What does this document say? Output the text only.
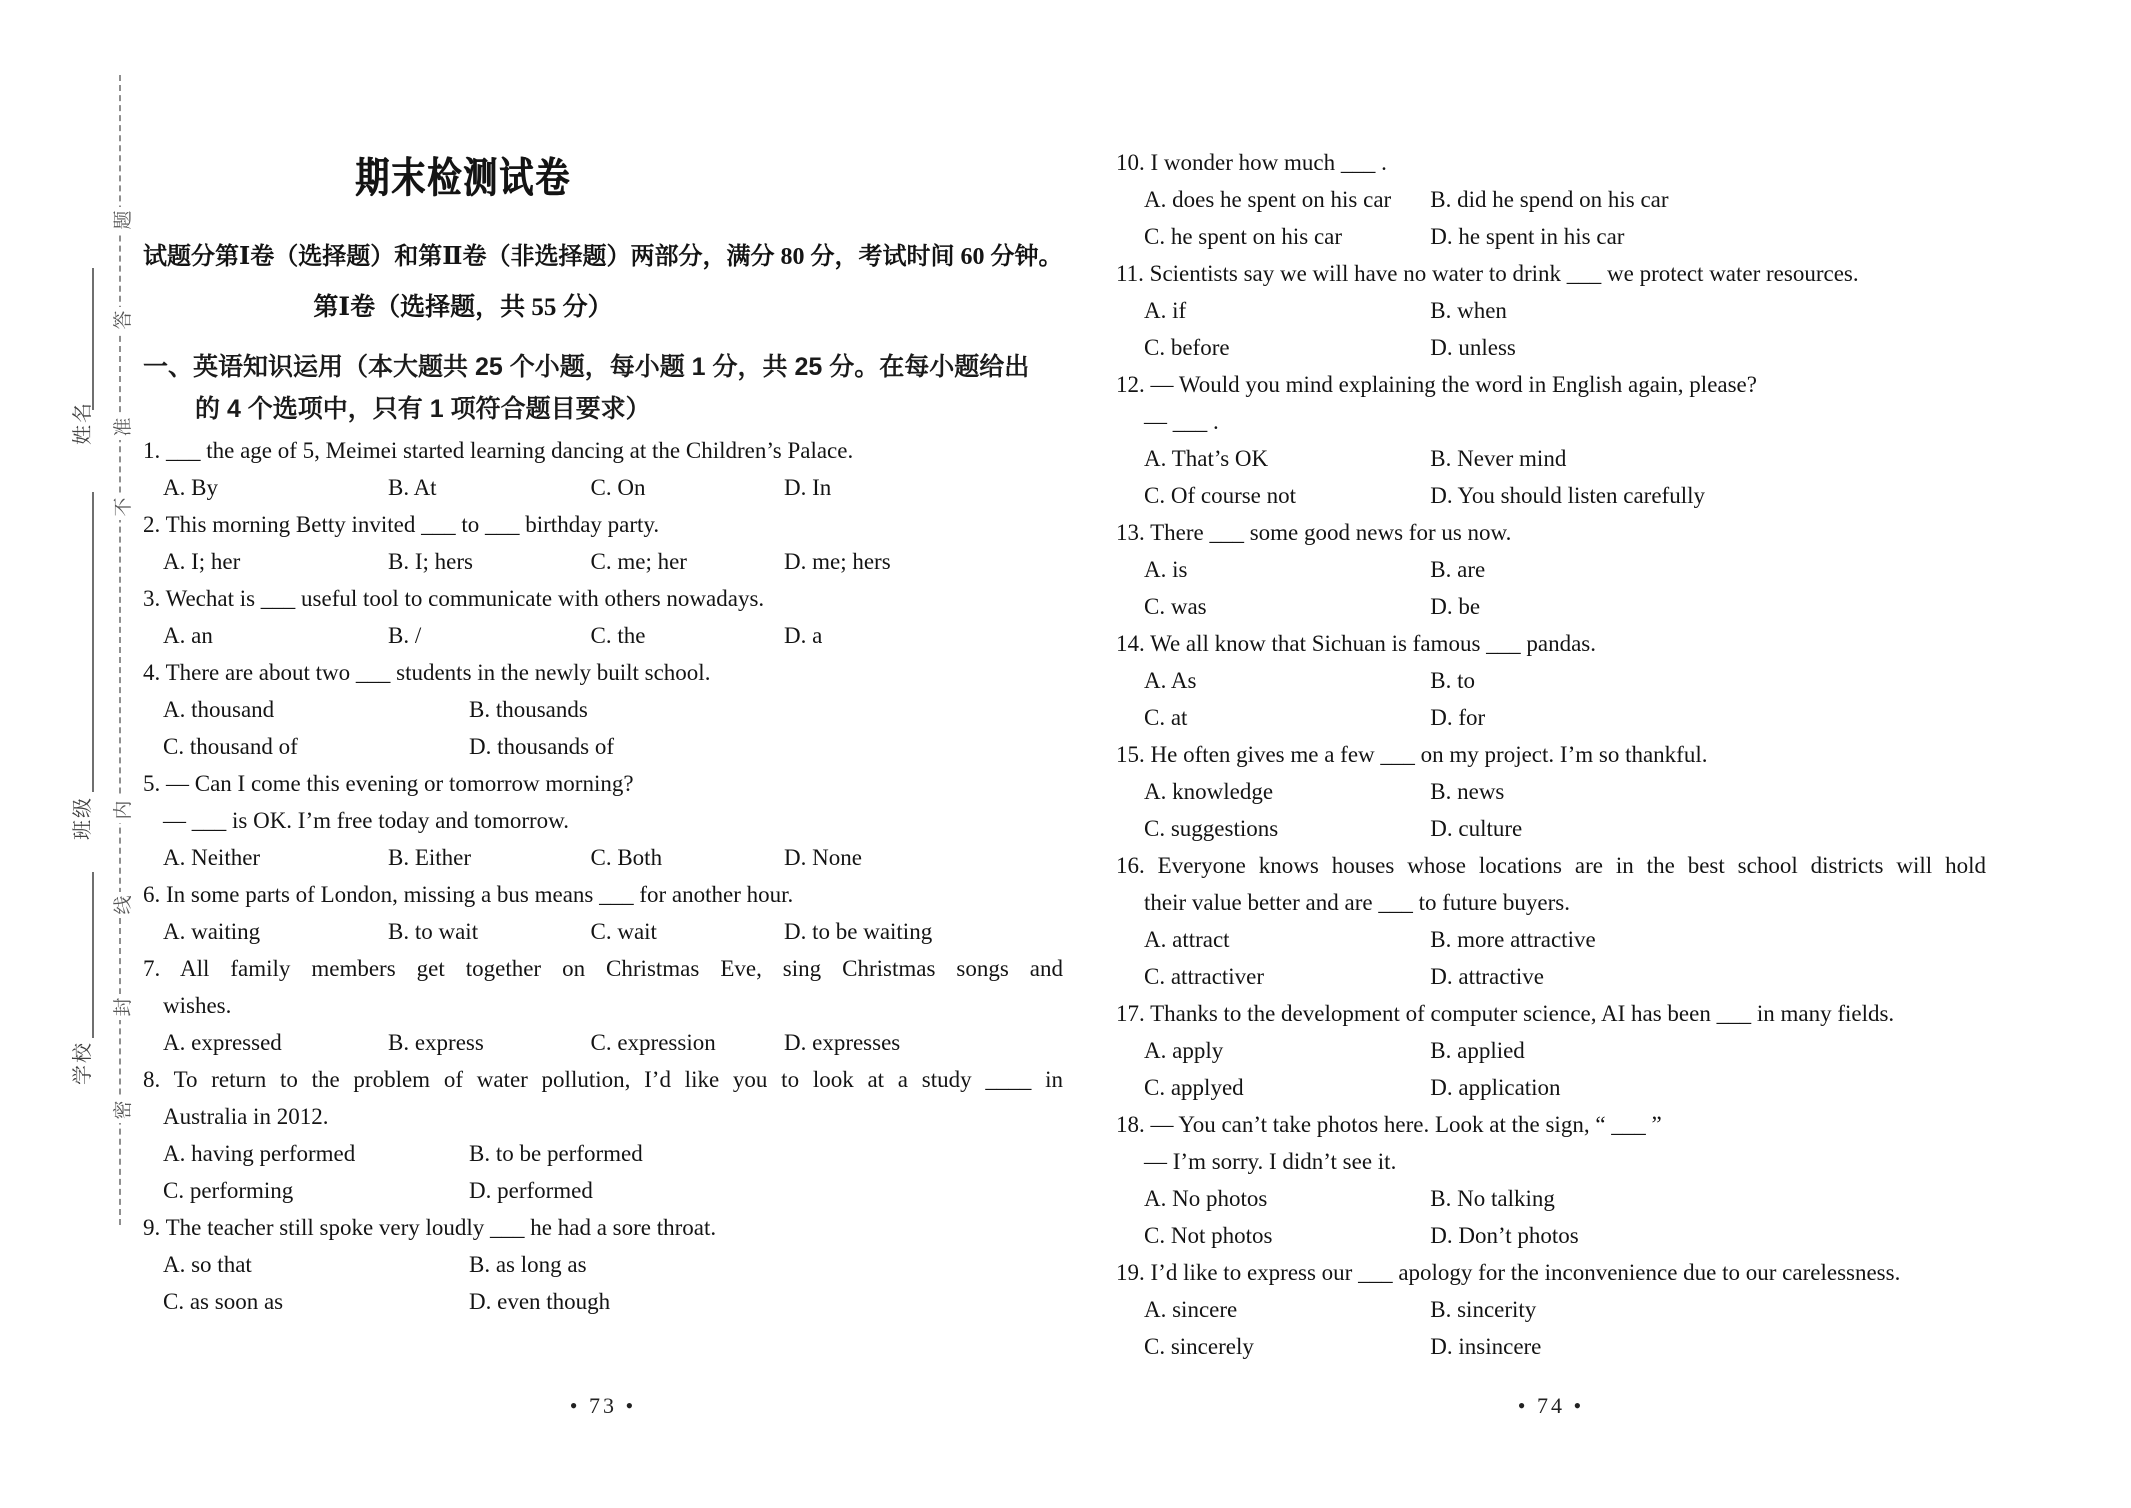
题
答
准
不
内
线
封
密
姓名
班级
学校
期末检测试卷
试题分第Ⅰ卷（选择题）和第Ⅱ卷（非选择题）两部分，满分 80 分，考试时间 60 分钟。
第Ⅰ卷（选择题，共 55 分）
一、英语知识运用（本大题共 25 个小题，每小题 1 分，共 25 分。在每小题给出
的 4 个选项中，只有 1 项符合题目要求）
1. ___ the age of 5, Meimei started learning dancing at the Children’s Palace.
A. By	B. At	C. On	D. In
2. This morning Betty invited ___ to ___ birthday party.
A. I; her	B. I; hers	C. me; her	D. me; hers
3. Wechat is ___ useful tool to communicate with others nowadays.
A. an	B. /	C. the	D. a
4. There are about two ___ students in the newly built school.
A. thousand	B. thousands
C. thousand of	D. thousands of
5. — Can I come this evening or tomorrow morning?
— ___ is OK. I’m free today and tomorrow.
A. Neither	B. Either	C. Both	D. None
6. In some parts of London, missing a bus means ___ for another hour.
A. waiting	B. to wait	C. wait	D. to be waiting
7. All family members get together on Christmas Eve, sing Christmas songs and
wishes.
A. expressed	B. express	C. expression	D. expresses
8. To return to the problem of water pollution, I’d like you to look at a study ____ in
Australia in 2012.
A. having performed	B. to be performed
C. performing	D. performed
9. The teacher still spoke very loudly ___ he had a sore throat.
A. so that	B. as long as
C. as soon as	D. even though
• 73 •
10. I wonder how much ___ .
A. does he spent on his car	B. did he spend on his car
C. he spent on his car	D. he spent in his car
11. Scientists say we will have no water to drink ___ we protect water resources.
A. if	B. when
C. before	D. unless
12. — Would you mind explaining the word in English again, please?
— ___ .
A. That’s OK	B. Never mind
C. Of course not	D. You should listen carefully
13. There ___ some good news for us now.
A. is	B. are
C. was	D. be
14. We all know that Sichuan is famous ___ pandas.
A. As	B. to
C. at	D. for
15. He often gives me a few ___ on my project. I’m so thankful.
A. knowledge	B. news
C. suggestions	D. culture
16. Everyone knows houses whose locations are in the best school districts will hold
their value better and are ___ to future buyers.
A. attract	B. more attractive
C. attractiver	D. attractive
17. Thanks to the development of computer science, AI has been ___ in many fields.
A. apply	B. applied
C. applyed	D. application
18. — You can’t take photos here. Look at the sign, “ ___ ”
— I’m sorry. I didn’t see it.
A. No photos	B. No talking
C. Not photos	D. Don’t photos
19. I’d like to express our ___ apology for the inconvenience due to our carelessness.
A. sincere	B. sincerity
C. sincerely	D. insincere
• 74 •
